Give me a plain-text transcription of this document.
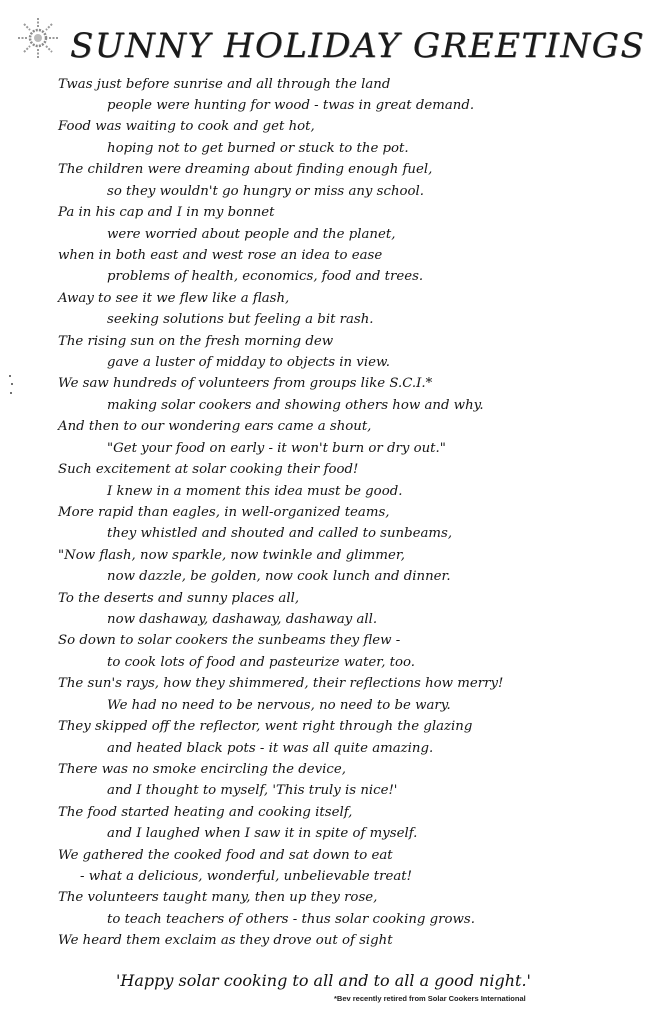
SUNNY HOLIDAY GREETINGS
Twas just before sunrise and all through the land
people were hunting for wood - twas in great demand.
Food was waiting to cook and get hot,
hoping not to get burned or stuck to the pot.
The children were dreaming about finding enough fuel,
so they wouldn't go hungry or miss any school.
Pa in his cap and I in my bonnet
were worried about people and the planet,
when in both east and west rose an idea to ease
problems of health, economics, food and trees.
Away to see it we flew like a flash,
seeking solutions but feeling a bit rash.
The rising sun on the fresh morning dew
gave a luster of midday to objects in view.
We saw hundreds of volunteers from groups like S.C.I.*
making solar cookers and showing others how and why.
And then to our wondering ears came a shout,
"Get your food on early - it won't burn or dry out."
Such excitement at solar cooking their food!
I knew in a moment this idea must be good.
More rapid than eagles, in well-organized teams,
they whistled and shouted and called to sunbeams,
"Now flash, now sparkle, now twinkle and glimmer,
now dazzle, be golden, now cook lunch and dinner.
To the deserts and sunny places all,
now dashaway, dashaway, dashaway all.
So down to solar cookers the sunbeams they flew -
to cook lots of food and pasteurize water, too.
The sun's rays, how they shimmered, their reflections how merry!
We had no need to be nervous, no need to be wary.
They skipped off the reflector, went right through the glazing
and heated black pots - it was all quite amazing.
There was no smoke encircling the device,
and I thought to myself, 'This truly is nice!'
The food started heating and cooking itself,
and I laughed when I saw it in spite of myself.
We gathered the cooked food and sat down to eat
- what a delicious, wonderful, unbelievable treat!
The volunteers taught many, then up they rose,
to teach teachers of others - thus solar cooking grows.
We heard them exclaim as they drove out of sight
'Happy solar cooking to all and to all a good night.'
*Bev recently retired from Solar Cookers International
